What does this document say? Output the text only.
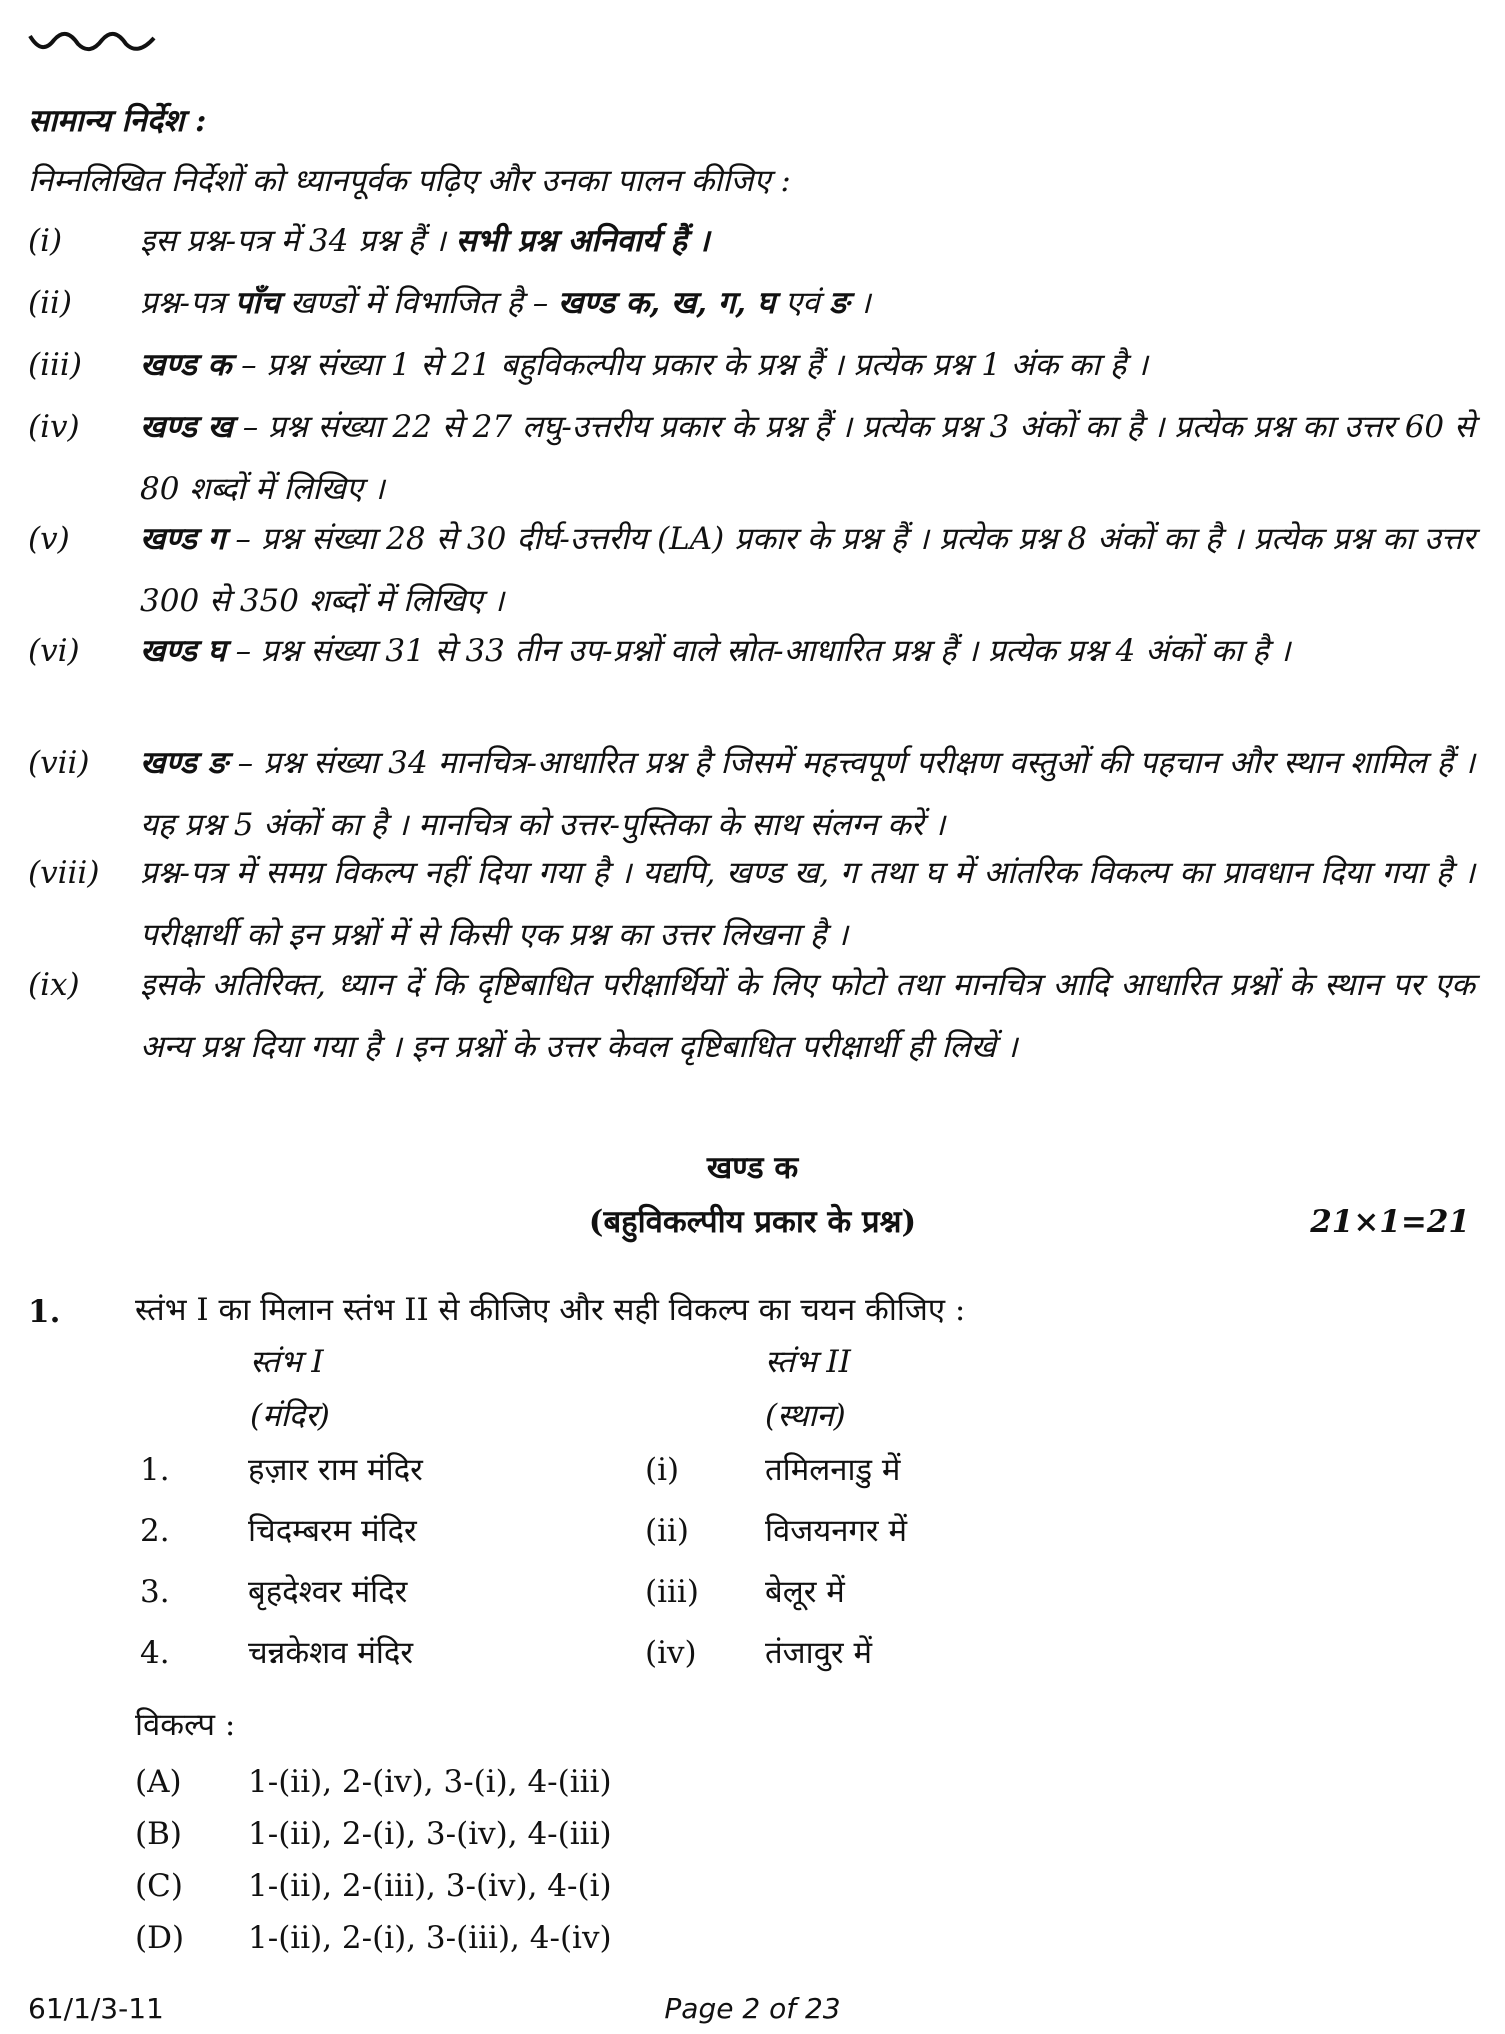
सामान्य निर्देश :
निम्नलिखित निर्देशों को ध्यानपूर्वक पढ़िए और उनका पालन कीजिए :
(i)	इस प्रश्न-पत्र में 34 प्रश्न हैं । सभी प्रश्न अनिवार्य हैं ।
(ii) प्रश्न-पत्र पाँच खण्डों में विभाजित है – खण्ड क, ख, ग, घ एवं ङ ।
(iii) खण्ड क – प्रश्न संख्या 1 से 21 बहुविकल्पीय प्रकार के प्रश्न हैं । प्रत्येक प्रश्न 1 अंक का है ।
(iv) खण्ड ख – प्रश्न संख्या 22 से 27 लघु-उत्तरीय प्रकार के प्रश्न हैं । प्रत्येक प्रश्न 3 अंकों का है । प्रत्येक प्रश्न का उत्तर 60 से 80 शब्दों में लिखिए ।
(v) खण्ड ग – प्रश्न संख्या 28 से 30 दीर्घ-उत्तरीय (LA) प्रकार के प्रश्न हैं । प्रत्येक प्रश्न 8 अंकों का है । प्रत्येक प्रश्न का उत्तर 300 से 350 शब्दों में लिखिए ।
(vi) खण्ड घ – प्रश्न संख्या 31 से 33 तीन उप-प्रश्नों वाले स्रोत-आधारित प्रश्न हैं । प्रत्येक प्रश्न 4 अंकों का है ।
(vii) खण्ड ङ – प्रश्न संख्या 34 मानचित्र-आधारित प्रश्न है जिसमें महत्त्वपूर्ण परीक्षण वस्तुओं की पहचान और स्थान शामिल हैं । यह प्रश्न 5 अंकों का है । मानचित्र को उत्तर-पुस्तिका के साथ संलग्न करें ।
(viii) प्रश्न-पत्र में समग्र विकल्प नहीं दिया गया है । यद्यपि, खण्ड ख, ग तथा घ में आंतरिक विकल्प का प्रावधान दिया गया है । परीक्षार्थी को इन प्रश्नों में से किसी एक प्रश्न का उत्तर लिखना है ।
(ix) इसके अतिरिक्त, ध्यान दें कि दृष्टिबाधित परीक्षार्थियों के लिए फोटो तथा मानचित्र आदि आधारित प्रश्नों के स्थान पर एक अन्य प्रश्न दिया गया है । इन प्रश्नों के उत्तर केवल दृष्टिबाधित परीक्षार्थी ही लिखें ।
खण्ड क
(बहुविकल्पीय प्रकार के प्रश्न)	21×1=21
1. स्तंभ I का मिलान स्तंभ II से कीजिए और सही विकल्प का चयन कीजिए :
स्तंभ I
(मंदिर)
स्तंभ II
(स्थान)
1.	हज़ार राम मंदिर	(i)	तमिलनाडु में
2.	चिदम्बरम मंदिर	(ii) विजयनगर में
3.	बृहदेश्वर मंदिर	(iii) बेलूर में
4.	चन्नकेशव मंदिर	(iv) तंजावुर में
विकल्प :
(A) 1-(ii), 2-(iv), 3-(i), 4-(iii)
(B) 1-(ii), 2-(i), 3-(iv), 4-(iii)
(C) 1-(ii), 2-(iii), 3-(iv), 4-(i)
(D) 1-(ii), 2-(i), 3-(iii), 4-(iv)
61/1/3-11	Page 2 of 23
